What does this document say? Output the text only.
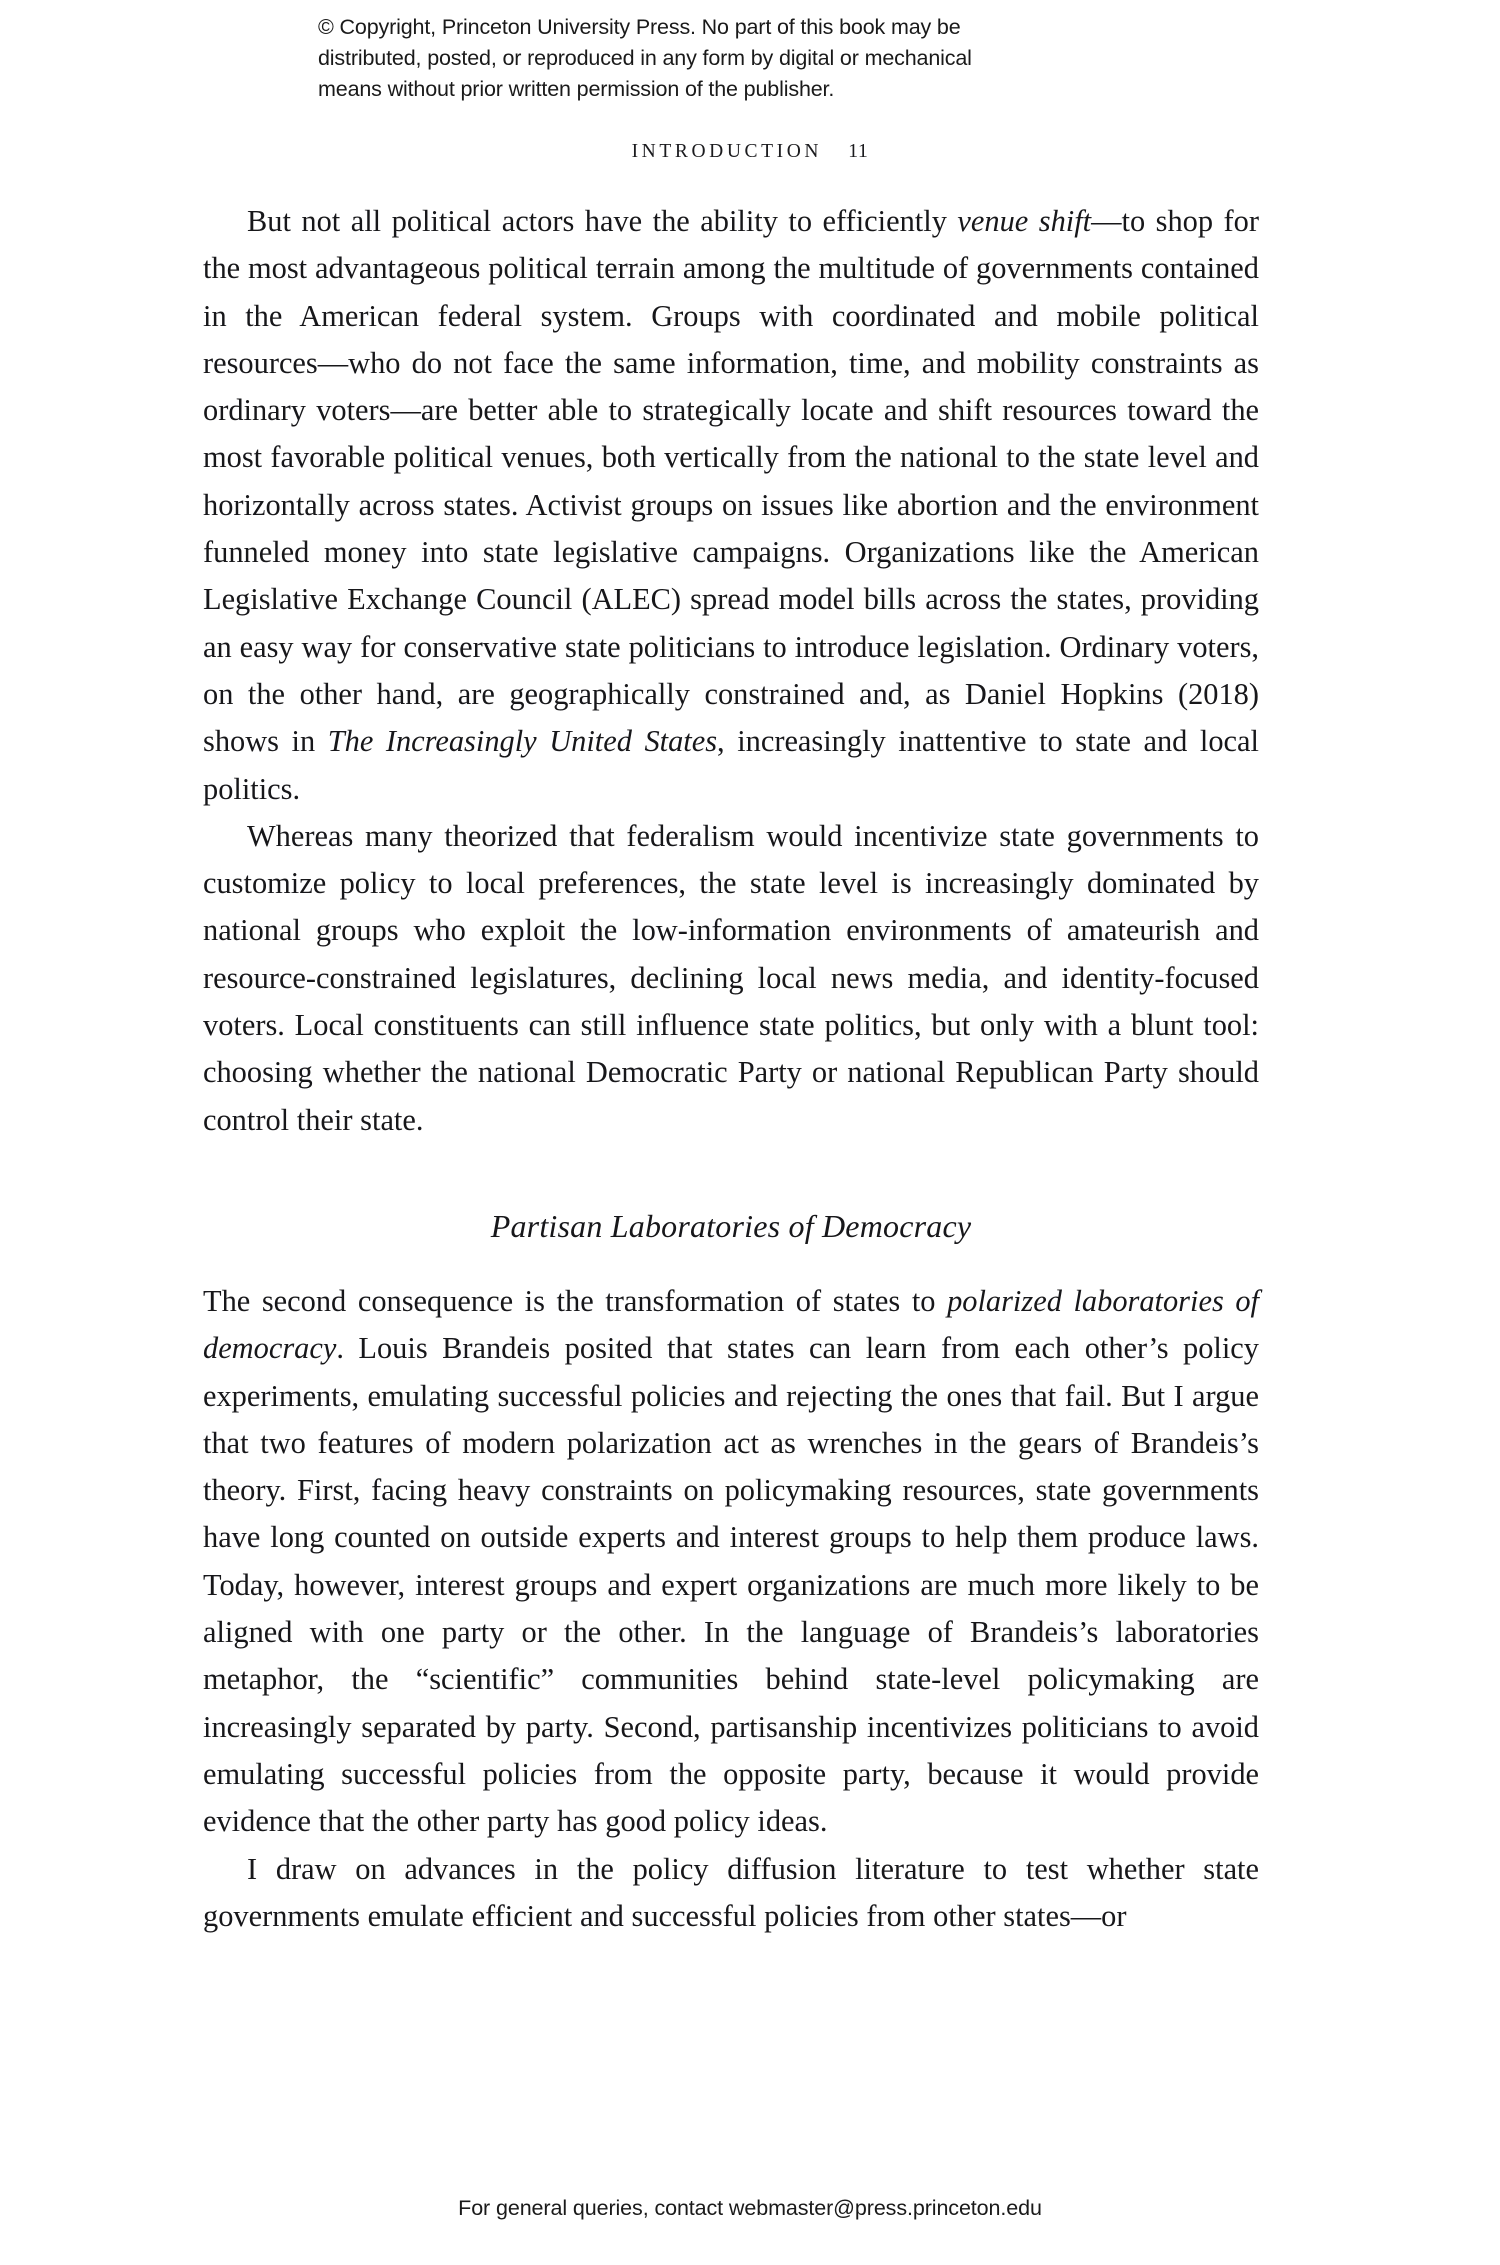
© Copyright, Princeton University Press. No part of this book may be
distributed, posted, or reproduced in any form by digital or mechanical
means without prior written permission of the publisher.
INTRODUCTION 11

But not all political actors have the ability to efficiently venue shift—to shop for the most advantageous political terrain among the multitude of governments contained in the American federal system. Groups with coordinated and mobile political resources—who do not face the same information, time, and mobility constraints as ordinary voters—are better able to strategically locate and shift resources toward the most favorable political venues, both vertically from the national to the state level and horizontally across states. Activist groups on issues like abortion and the environment funneled money into state legislative campaigns. Organizations like the American Legislative Exchange Council (ALEC) spread model bills across the states, providing an easy way for conservative state politicians to introduce legislation. Ordinary voters, on the other hand, are geographically constrained and, as Daniel Hopkins (2018) shows in The Increasingly United States, increasingly inattentive to state and local politics.

Whereas many theorized that federalism would incentivize state governments to customize policy to local preferences, the state level is increasingly dominated by national groups who exploit the low-information environments of amateurish and resource-constrained legislatures, declining local news media, and identity-focused voters. Local constituents can still influence state politics, but only with a blunt tool: choosing whether the national Democratic Party or national Republican Party should control their state.

Partisan Laboratories of Democracy

The second consequence is the transformation of states to polarized laboratories of democracy. Louis Brandeis posited that states can learn from each other’s policy experiments, emulating successful policies and rejecting the ones that fail. But I argue that two features of modern polarization act as wrenches in the gears of Brandeis’s theory. First, facing heavy constraints on policymaking resources, state governments have long counted on outside experts and interest groups to help them produce laws. Today, however, interest groups and expert organizations are much more likely to be aligned with one party or the other. In the language of Brandeis’s laboratories metaphor, the “scientific” communities behind state-level policymaking are increasingly separated by party. Second, partisanship incentivizes politicians to avoid emulating successful policies from the opposite party, because it would provide evidence that the other party has good policy ideas.

I draw on advances in the policy diffusion literature to test whether state governments emulate efficient and successful policies from other states—or

For general queries, contact webmaster@press.princeton.edu
